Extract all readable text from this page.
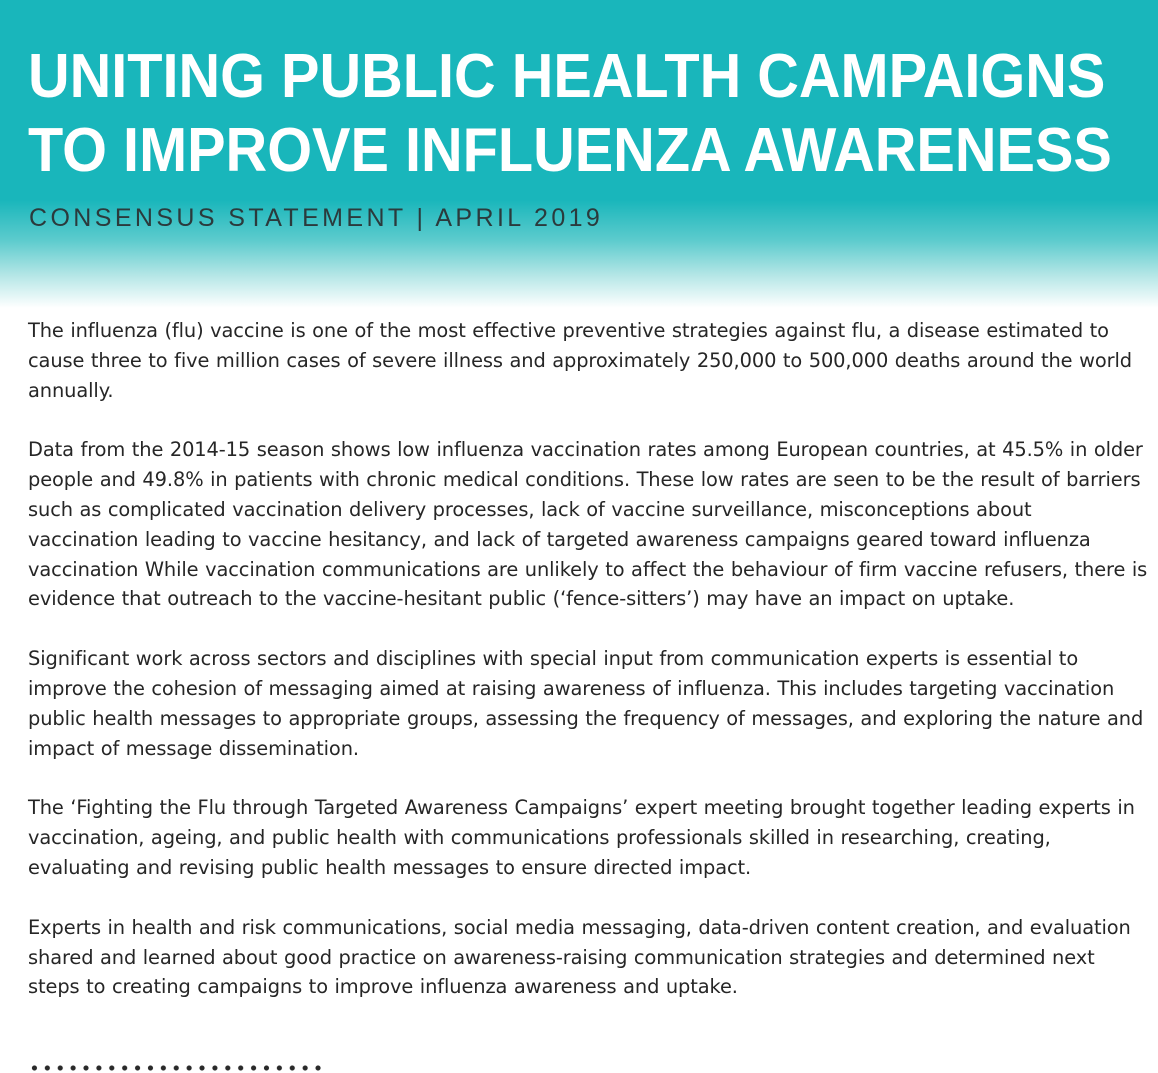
UNITING PUBLIC HEALTH CAMPAIGNS
TO IMPROVE INFLUENZA AWARENESS
CONSENSUS STATEMENT | APRIL 2019

The influenza (flu) vaccine is one of the most effective preventive strategies against flu, a disease estimated to cause three to five million cases of severe illness and approximately 250,000 to 500,000 deaths around the world annually.

Data from the 2014-15 season shows low influenza vaccination rates among European countries, at 45.5% in older people and 49.8% in patients with chronic medical conditions. These low rates are seen to be the result of barriers such as complicated vaccination delivery processes, lack of vaccine surveillance, misconceptions about vaccination leading to vaccine hesitancy, and lack of targeted awareness campaigns geared toward influenza vaccination While vaccination communications are unlikely to affect the behaviour of firm vaccine refusers, there is evidence that outreach to the vaccine-hesitant public (‘fence-sitters’) may have an impact on uptake.

Significant work across sectors and disciplines with special input from communication experts is essential to improve the cohesion of messaging aimed at raising awareness of influenza. This includes targeting vaccination public health messages to appropriate groups, assessing the frequency of messages, and exploring the nature and impact of message dissemination.

The ‘Fighting the Flu through Targeted Awareness Campaigns’ expert meeting brought together leading experts in vaccination, ageing, and public health with communications professionals skilled in researching, creating, evaluating and revising public health messages to ensure directed impact.

Experts in health and risk communications, social media messaging, data-driven content creation, and evaluation shared and learned about good practice on awareness-raising communication strategies and determined next steps to creating campaigns to improve influenza awareness and uptake.
